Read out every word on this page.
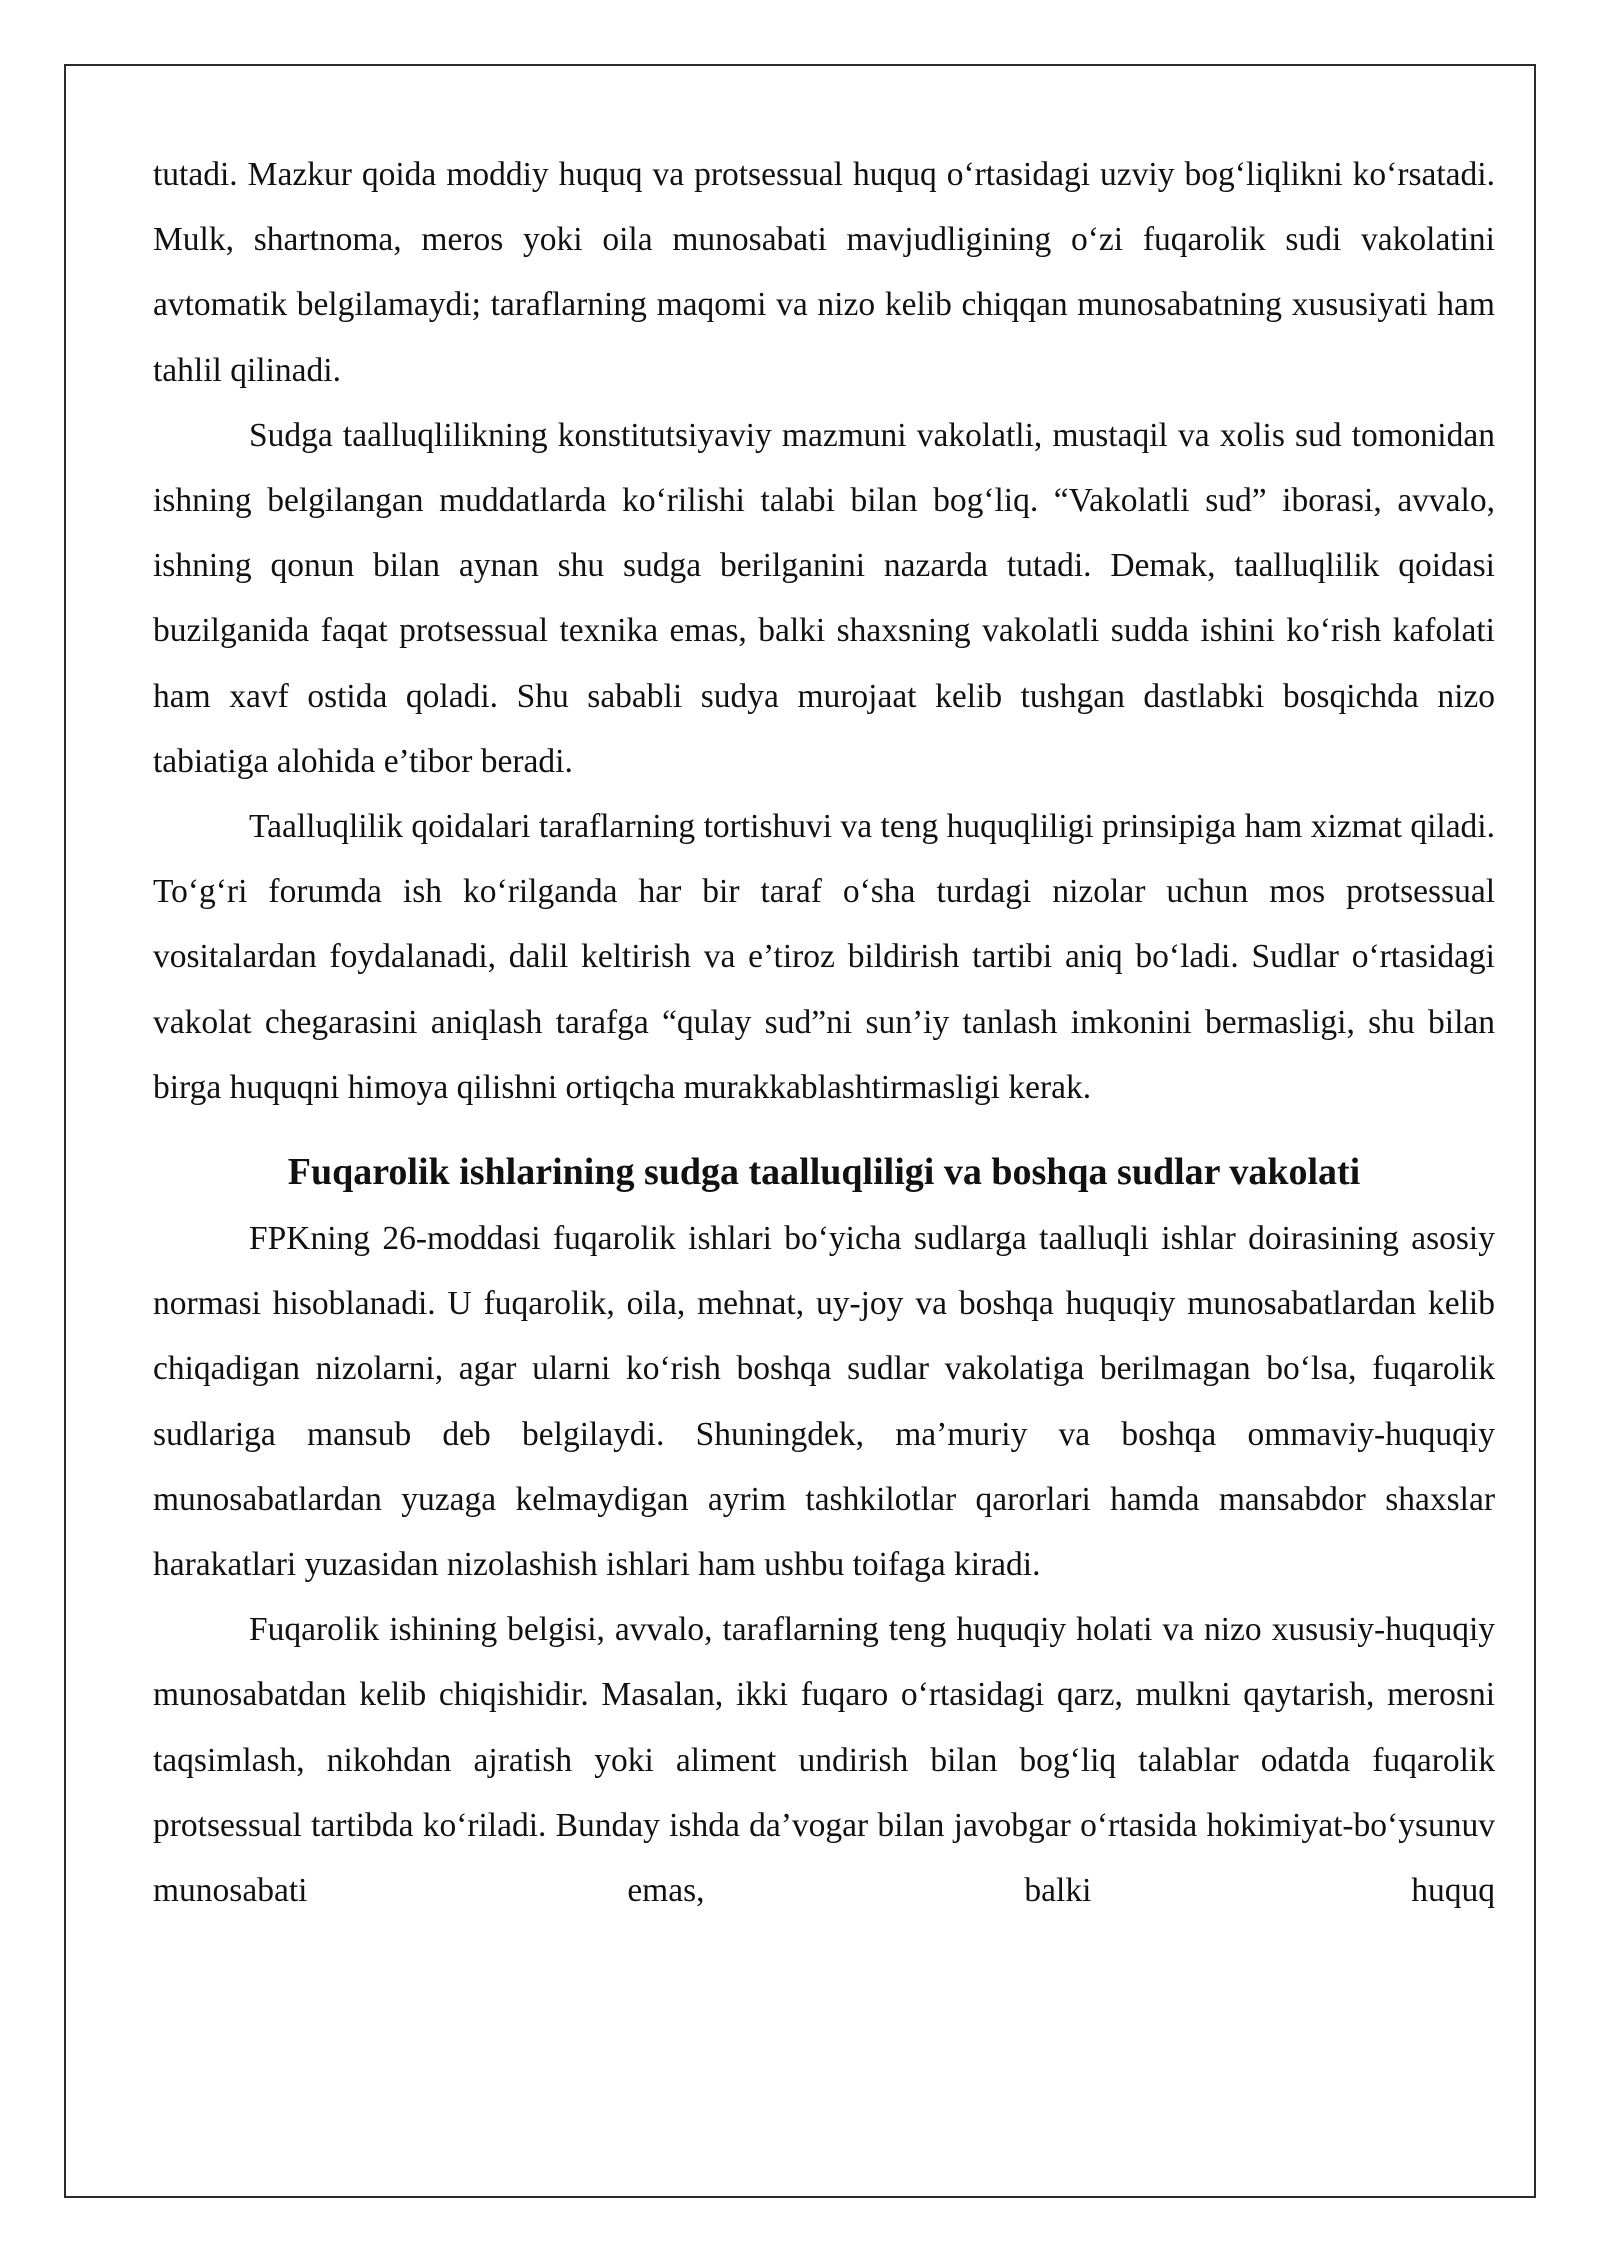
tutadi. Mazkur qoida moddiy huquq va protsessual huquq o‘rtasidagi uzviy bog‘liqlikni ko‘rsatadi. Mulk, shartnoma, meros yoki oila munosabati mavjudligining o‘zi fuqarolik sudi vakolatini avtomatik belgilamaydi; taraflarning maqomi va nizo kelib chiqqan munosabatning xususiyati ham tahlil qilinadi.

Sudga taalluqlilikning konstitutsiyaviy mazmuni vakolatli, mustaqil va xolis sud tomonidan ishning belgilangan muddatlarda ko‘rilishi talabi bilan bog‘liq. “Vakolatli sud” iborasi, avvalo, ishning qonun bilan aynan shu sudga berilganini nazarda tutadi. Demak, taalluqlilik qoidasi buzilganida faqat protsessual texnika emas, balki shaxsning vakolatli sudda ishini ko‘rish kafolati ham xavf ostida qoladi. Shu sababli sudya murojaat kelib tushgan dastlabki bosqichda nizo tabiatiga alohida e’tibor beradi.

Taalluqlilik qoidalari taraflarning tortishuvi va teng huquqliligi prinsipiga ham xizmat qiladi. To‘g‘ri forumda ish ko‘rilganda har bir taraf o‘sha turdagi nizolar uchun mos protsessual vositalardan foydalanadi, dalil keltirish va e’tiroz bildirish tartibi aniq bo‘ladi. Sudlar o‘rtasidagi vakolat chegarasini aniqlash tarafga “qulay sud”ni sun’iy tanlash imkonini bermasligi, shu bilan birga huquqni himoya qilishni ortiqcha murakkablashtirmasligi kerak.

Fuqarolik ishlarining sudga taalluqliligi va boshqa sudlar vakolati

FPKning 26-moddasi fuqarolik ishlari bo‘yicha sudlarga taalluqli ishlar doirasining asosiy normasi hisoblanadi. U fuqarolik, oila, mehnat, uy-joy va boshqa huquqiy munosabatlardan kelib chiqadigan nizolarni, agar ularni ko‘rish boshqa sudlar vakolatiga berilmagan bo‘lsa, fuqarolik sudlariga mansub deb belgilaydi. Shuningdek, ma’muriy va boshqa ommaviy-huquqiy munosabatlardan yuzaga kelmaydigan ayrim tashkilotlar qarorlari hamda mansabdor shaxslar harakatlari yuzasidan nizolashish ishlari ham ushbu toifaga kiradi.

Fuqarolik ishining belgisi, avvalo, taraflarning teng huquqiy holati va nizo xususiy-huquqiy munosabatdan kelib chiqishidir. Masalan, ikki fuqaro o‘rtasidagi qarz, mulkni qaytarish, merosni taqsimlash, nikohdan ajratish yoki aliment undirish bilan bog‘liq talablar odatda fuqarolik protsessual tartibda ko‘riladi. Bunday ishda da’vogar bilan javobgar o‘rtasida hokimiyat-bo‘ysunuv munosabati emas, balki huquq
